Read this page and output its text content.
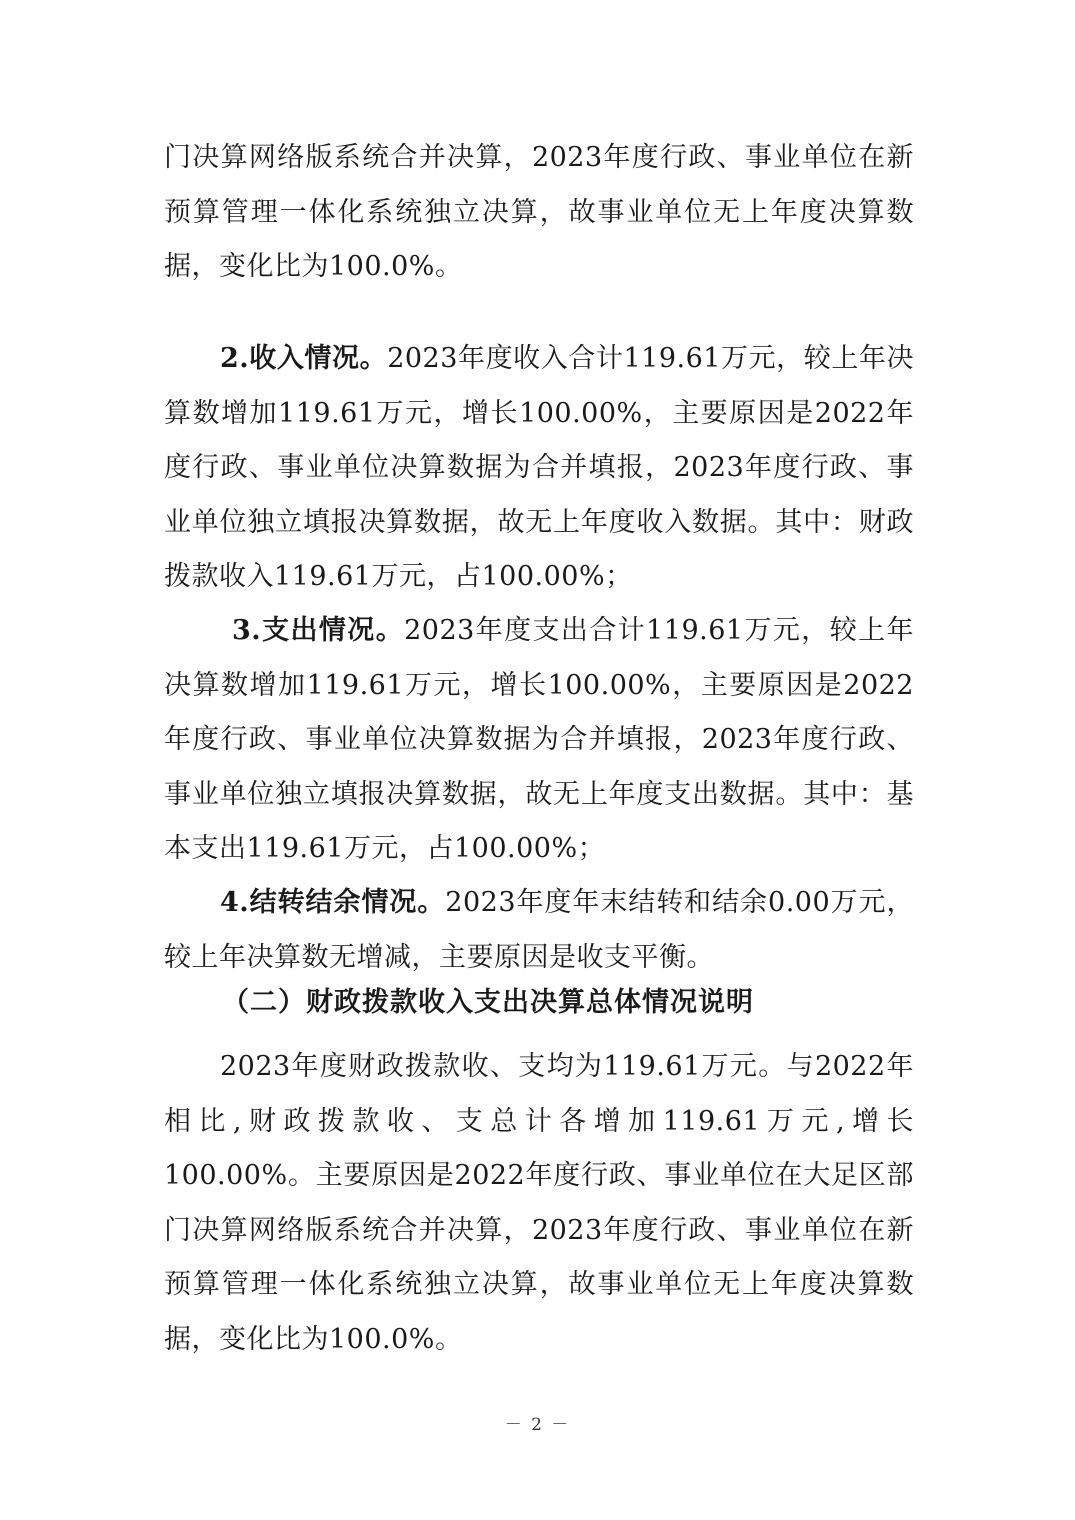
门决算网络版系统合并决算，2023年度行政、事业单位在新预算管理一体化系统独立决算，故事业单位无上年度决算数据，变化比为100.0%。

2.收入情况。2023年度收入合计119.61万元，较上年决算数增加119.61万元，增长100.00%，主要原因是2022年度行政、事业单位决算数据为合并填报，2023年度行政、事业单位独立填报决算数据，故无上年度收入数据。其中：财政拨款收入119.61万元，占100.00%；

3.支出情况。2023年度支出合计119.61万元，较上年决算数增加119.61万元，增长100.00%，主要原因是2022年度行政、事业单位决算数据为合并填报，2023年度行政、事业单位独立填报决算数据，故无上年度支出数据。其中：基本支出119.61万元，占100.00%；

4.结转结余情况。2023年度年末结转和结余0.00万元，较上年决算数无增减，主要原因是收支平衡。

（二）财政拨款收入支出决算总体情况说明

2023年度财政拨款收、支均为119.61万元。与2022年相比,财政拨款收、支总计各增加119.61万元,增长100.00%。主要原因是2022年度行政、事业单位在大足区部门决算网络版系统合并决算，2023年度行政、事业单位在新预算管理一体化系统独立决算，故事业单位无上年度决算数据，变化比为100.0%。

－ 2 －
